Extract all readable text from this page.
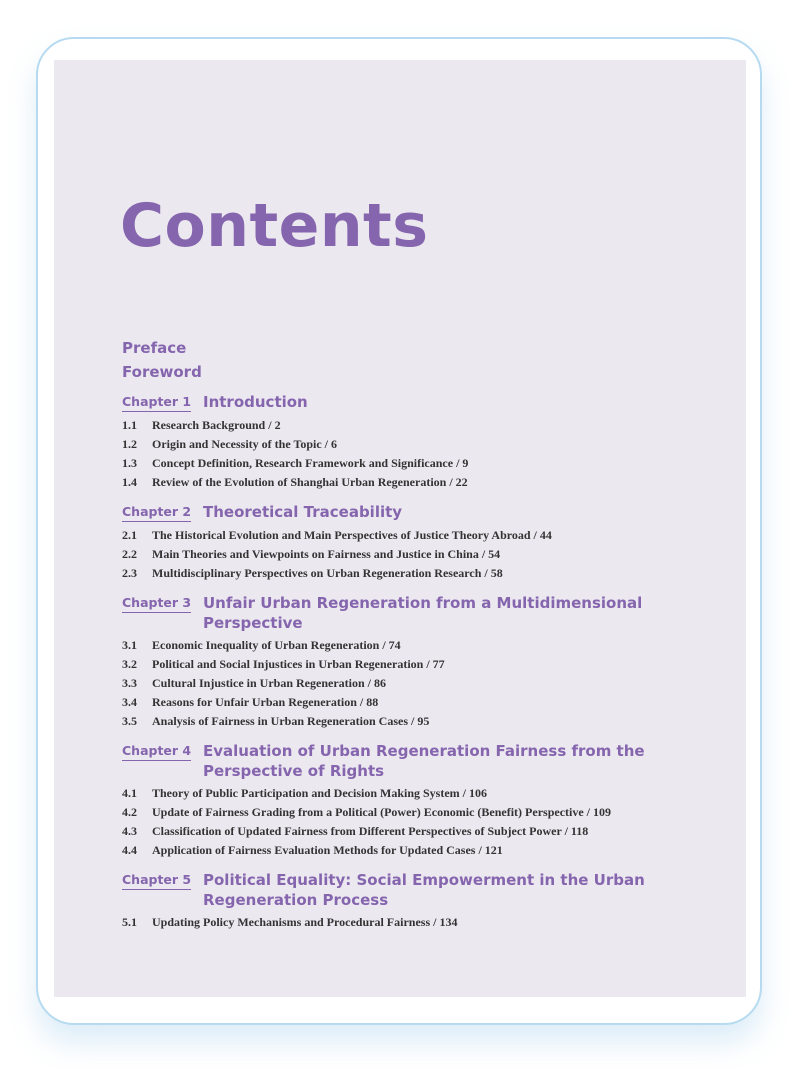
Contents
Preface
Foreword
Chapter 1 Introduction
1.1	Research Background / 2
1.2	Origin and Necessity of the Topic / 6
1.3	Concept Definition, Research Framework and Significance / 9
1.4	Review of the Evolution of Shanghai Urban Regeneration / 22
Chapter 2 Theoretical Traceability
2.1	The Historical Evolution and Main Perspectives of Justice Theory Abroad / 44
2.2	Main Theories and Viewpoints on Fairness and Justice in China / 54
2.3	Multidisciplinary Perspectives on Urban Regeneration Research / 58
Chapter 3 Unfair Urban Regeneration from a Multidimensional
Perspective
3.1	Economic Inequality of Urban Regeneration / 74
3.2	Political and Social Injustices in Urban Regeneration / 77
3.3	Cultural Injustice in Urban Regeneration / 86
3.4	Reasons for Unfair Urban Regeneration / 88
3.5	Analysis of Fairness in Urban Regeneration Cases / 95
Chapter 4 Evaluation of Urban Regeneration Fairness from the
Perspective of Rights
4.1	Theory of Public Participation and Decision Making System / 106
4.2	Update of Fairness Grading from a Political (Power) Economic (Benefit) Perspective / 109
4.3	Classification of Updated Fairness from Different Perspectives of Subject Power / 118
4.4	Application of Fairness Evaluation Methods for Updated Cases / 121
Chapter 5 Political Equality: Social Empowerment in the Urban
Regeneration Process
5.1	Updating Policy Mechanisms and Procedural Fairness / 134
